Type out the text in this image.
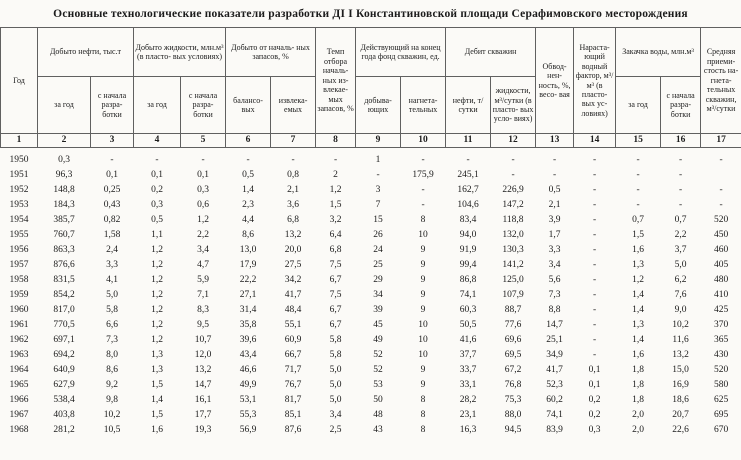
Основные технологические показатели разработки ДI I Константиновской площади Серафимовского месторождения
Год	Добыто нефти, тыс.т		Добыто жидкости, млн.м³ (в пласто- вых условиях)		Добыто от началь- ных запасов, %		Темп отбора началь- ных из- влекае- мых запасов, %	Действующий на конец года фонд скважин, ед.		Дебит скважин		Обвод- нен- ность, %, весо- вая	Нараста- ющий водный фактор, м³/м³ (в пласто- вых ус- ловиях)	Закачка воды, млн.м³		Средняя приеми- стость на- гнета- тельных скважин, м³/сутки
	за год	с начала разра- ботки	за год	с начала разра- ботки	балансо- вых	извлека- емых		добыва- ющих	нагнета- тельных	нефти, т/сутки	жидкости, м³/сутки (в пласто- вых усло- виях)			за год	с начала разра- ботки	
1	2	3	4	5	6	7	8	9	10	11	12	13	14	15	16	17
1950	0,3	-	-	-	-	-	-	1	-	-	-	-	-	-	-	-
1951	96,3	0,1	0,1	0,1	0,5	0,8	2	-	175,9	245,1	-	-	-	-	-	
1952	148,8	0,25	0,2	0,3	1,4	2,1	1,2	3	-	162,7	226,9	0,5	-	-	-	-
1953	184,3	0,43	0,3	0,6	2,3	3,6	1,5	7	-	104,6	147,2	2,1	-	-	-	-
1954	385,7	0,82	0,5	1,2	4,4	6,8	3,2	15	8	83,4	118,8	3,9	-	0,7	0,7	520
1955	760,7	1,58	1,1	2,2	8,6	13,2	6,4	26	10	94,0	132,0	1,7	-	1,5	2,2	450
1956	863,3	2,4	1,2	3,4	13,0	20,0	6,8	24	9	91,9	130,3	3,3	-	1,6	3,7	460
1957	876,6	3,3	1,2	4,7	17,9	27,5	7,5	25	9	99,4	141,2	3,4	-	1,3	5,0	405
1958	831,5	4,1	1,2	5,9	22,2	34,2	6,7	29	9	86,8	125,0	5,6	-	1,2	6,2	480
1959	854,2	5,0	1,2	7,1	27,1	41,7	7,5	34	9	74,1	107,9	7,3	-	1,4	7,6	410
1960	817,0	5,8	1,2	8,3	31,4	48,4	6,7	39	9	60,3	88,7	8,8	-	1,4	9,0	425
1961	770,5	6,6	1,2	9,5	35,8	55,1	6,7	45	10	50,5	77,6	14,7	-	1,3	10,2	370
1962	697,1	7,3	1,2	10,7	39,6	60,9	5,8	49	10	41,6	69,6	25,1	-	1,4	11,6	365
1963	694,2	8,0	1,3	12,0	43,4	66,7	5,8	52	10	37,7	69,5	34,9	-	1,6	13,2	430
1964	640,9	8,6	1,3	13,2	46,6	71,7	5,0	52	9	33,7	67,2	41,7	0,1	1,8	15,0	520
1965	627,9	9,2	1,5	14,7	49,9	76,7	5,0	53	9	33,1	76,8	52,3	0,1	1,8	16,9	580
1966	538,4	9,8	1,4	16,1	53,1	81,7	5,0	50	8	28,2	75,3	60,2	0,2	1,8	18,6	625
1967	403,8	10,2	1,5	17,7	55,3	85,1	3,4	48	8	23,1	88,0	74,1	0,2	2,0	20,7	695
1968	281,2	10,5	1,6	19,3	56,9	87,6	2,5	43	8	16,3	94,5	83,9	0,3	2,0	22,6	670
